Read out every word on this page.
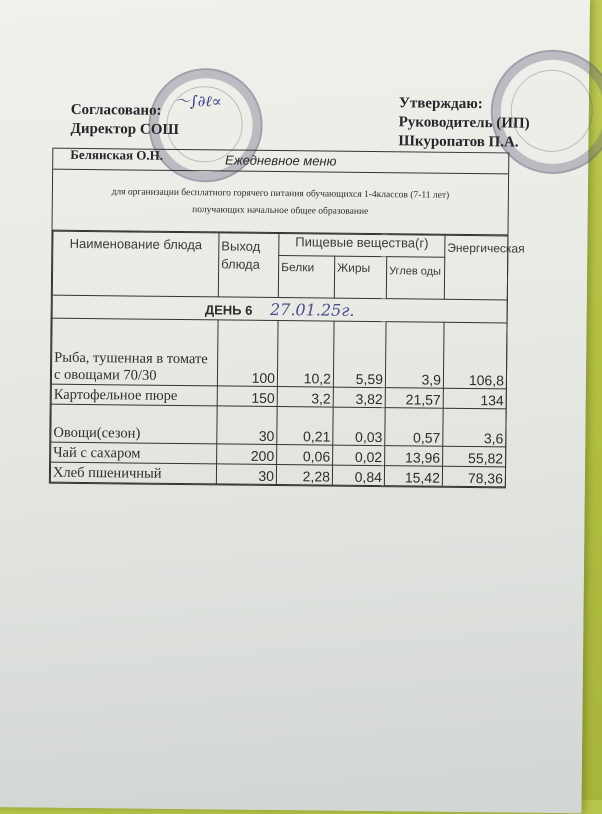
Согласовано:
Директор СОШ
Белянская О.Н.
〜∫∂ℓ∝	Утверждаю:
Руководитель (ИП)
Шкуропатов П.А.
Ежедневное меню
для организации бесплатного горячего питания обучающихся 1-4классов (7-11 лет)
получающих начальное общее образование
Наименование блюда	Выход блюда	Пищевые вещества(г)			Энергическая
		Белки	Жиры	Углев оды	
ДЕНЬ 6 27.01.25г.					
Рыба, тушенная в томате с овощами 70/30	100	10,2	5,59	3,9	106,8
Картофельное пюре	150	3,2	3,82	21,57	134
Овощи(сезон)	30	0,21	0,03	0,57	3,6
Чай с сахаром	200	0,06	0,02	13,96	55,82
Хлеб пшеничный	30	2,28	0,84	15,42	78,36
